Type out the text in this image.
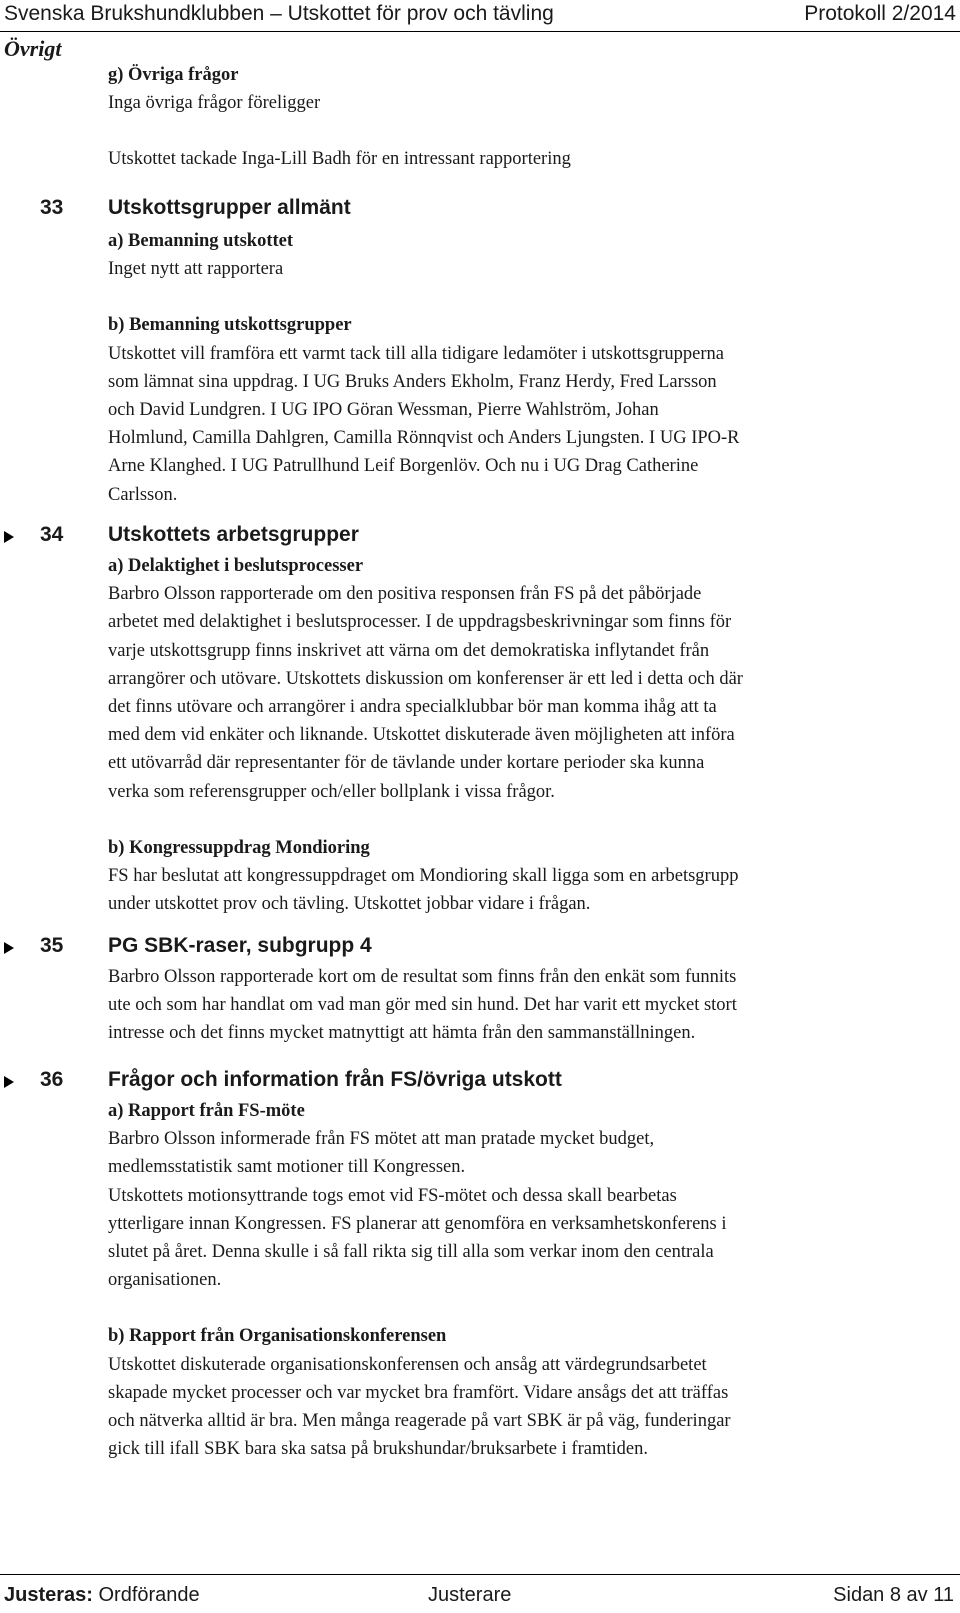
Svenska Brukshundklubben – Utskottet för prov och tävling	Protokoll 2/2014
Övrigt
g) Övriga frågor
Inga övriga frågor föreligger
Utskottet tackade Inga-Lill Badh för en intressant rapportering
33 Utskottsgrupper allmänt
a) Bemanning utskottet
Inget nytt att rapportera
b) Bemanning utskottsgrupper
Utskottet vill framföra ett varmt tack till alla tidigare ledamöter i utskottsgrupperna
som lämnat sina uppdrag. I UG Bruks Anders Ekholm, Franz Herdy, Fred Larsson
och David Lundgren. I UG IPO Göran Wessman, Pierre Wahlström, Johan
Holmlund, Camilla Dahlgren, Camilla Rönnqvist och Anders Ljungsten. I UG IPO-R
Arne Klanghed. I UG Patrullhund Leif Borgenlöv. Och nu i UG Drag Catherine
Carlsson.
34 Utskottets arbetsgrupper
a) Delaktighet i beslutsprocesser
Barbro Olsson rapporterade om den positiva responsen från FS på det påbörjade
arbetet med delaktighet i beslutsprocesser. I de uppdragsbeskrivningar som finns för
varje utskottsgrupp finns inskrivet att värna om det demokratiska inflytandet från
arrangörer och utövare. Utskottets diskussion om konferenser är ett led i detta och där
det finns utövare och arrangörer i andra specialklubbar bör man komma ihåg att ta
med dem vid enkäter och liknande. Utskottet diskuterade även möjligheten att införa
ett utövarråd där representanter för de tävlande under kortare perioder ska kunna
verka som referensgrupper och/eller bollplank i vissa frågor.
b) Kongressuppdrag Mondioring
FS har beslutat att kongressuppdraget om Mondioring skall ligga som en arbetsgrupp
under utskottet prov och tävling. Utskottet jobbar vidare i frågan.
35 PG SBK-raser, subgrupp 4
Barbro Olsson rapporterade kort om de resultat som finns från den enkät som funnits
ute och som har handlat om vad man gör med sin hund. Det har varit ett mycket stort
intresse och det finns mycket matnyttigt att hämta från den sammanställningen.
36 Frågor och information från FS/övriga utskott
a) Rapport från FS-möte
Barbro Olsson informerade från FS mötet att man pratade mycket budget,
medlemsstatistik samt motioner till Kongressen.
Utskottets motionsyttrande togs emot vid FS-mötet och dessa skall bearbetas
ytterligare innan Kongressen. FS planerar att genomföra en verksamhetskonferens i
slutet på året. Denna skulle i så fall rikta sig till alla som verkar inom den centrala
organisationen.
b) Rapport från Organisationskonferensen
Utskottet diskuterade organisationskonferensen och ansåg att värdegrundsarbetet
skapade mycket processer och var mycket bra framfört. Vidare ansågs det att träffas
och nätverka alltid är bra. Men många reagerade på vart SBK är på väg, funderingar
gick till ifall SBK bara ska satsa på brukshundar/bruksarbete i framtiden.
Justeras: Ordförande	Justerare	Sidan 8 av 11
